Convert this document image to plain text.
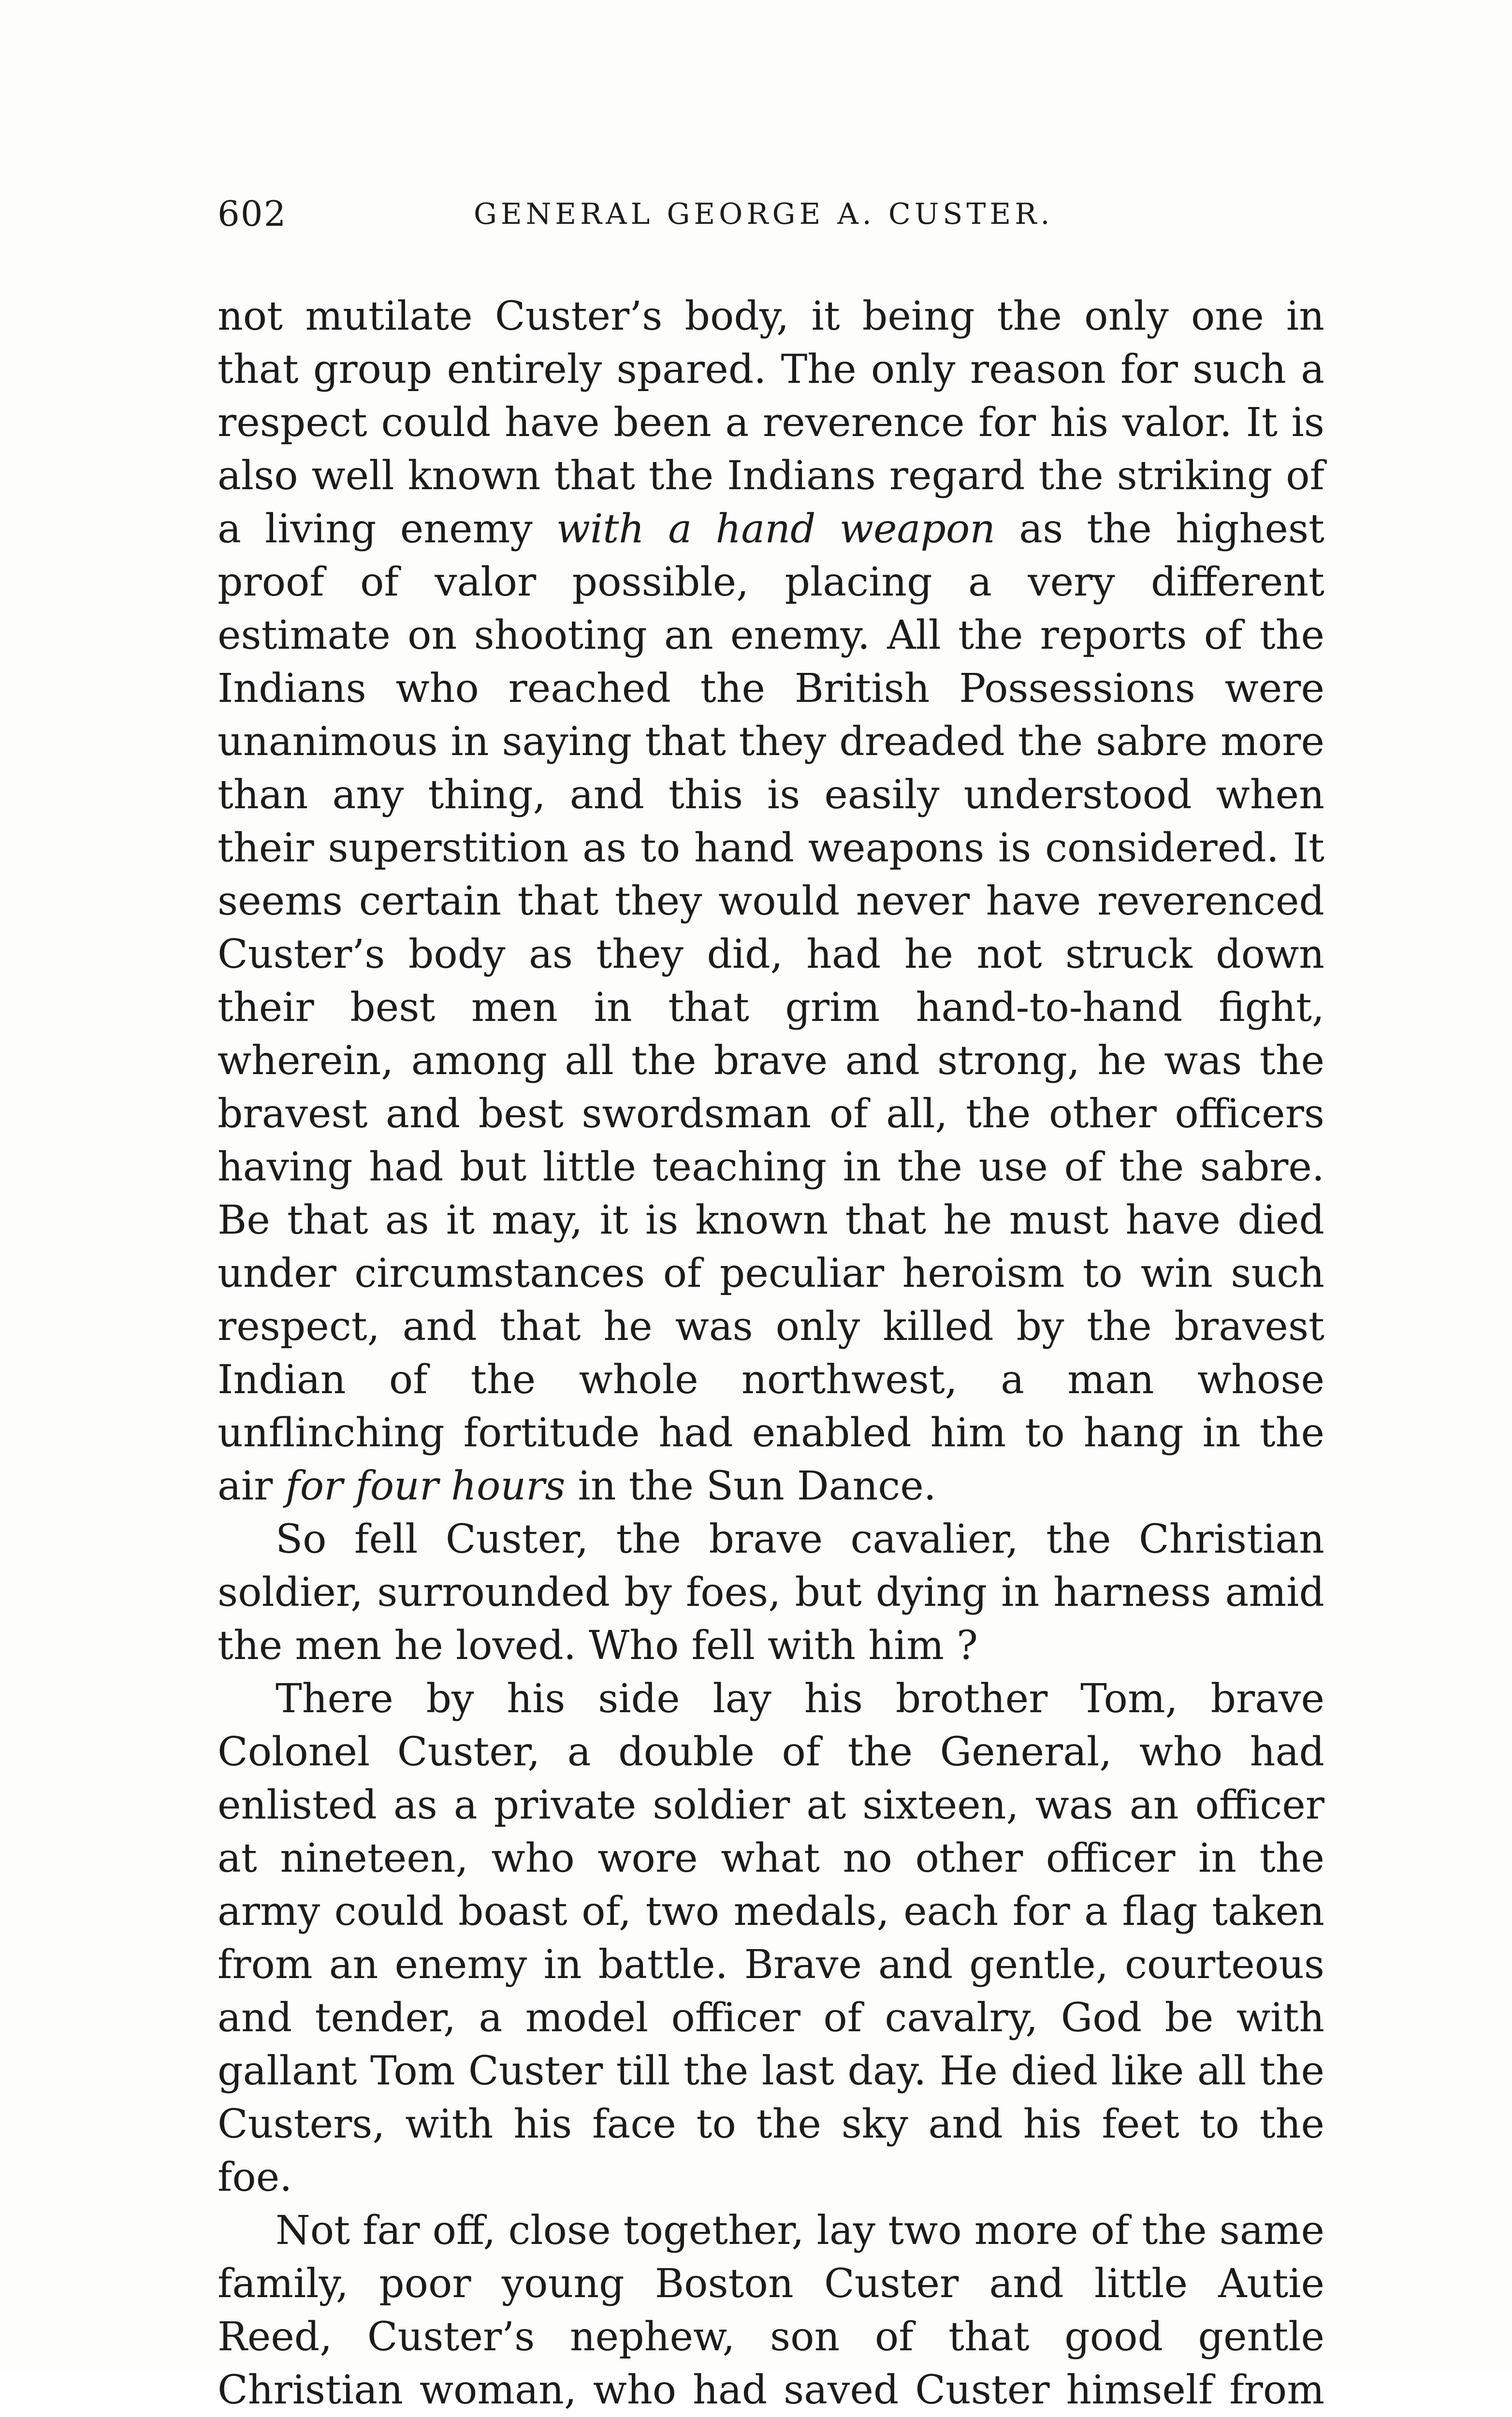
602	GENERAL GEORGE A. CUSTER.

not mutilate Custer’s body, it being the only one in that group entirely spared. The only reason for such a respect could have been a reverence for his valor. It is also well known that the Indians regard the striking of a living enemy with a hand weapon as the highest proof of valor possible, placing a very different estimate on shooting an enemy. All the reports of the Indians who reached the British Possessions were unanimous in saying that they dreaded the sabre more than any thing, and this is easily understood when their superstition as to hand weapons is considered. It seems certain that they would never have reverenced Custer’s body as they did, had he not struck down their best men in that grim hand-to-hand fight, wherein, among all the brave and strong, he was the bravest and best swordsman of all, the other officers having had but little teaching in the use of the sabre. Be that as it may, it is known that he must have died under circumstances of peculiar heroism to win such respect, and that he was only killed by the bravest Indian of the whole northwest, a man whose unflinching fortitude had enabled him to hang in the air for four hours in the Sun Dance.

So fell Custer, the brave cavalier, the Christian soldier, surrounded by foes, but dying in harness amid the men he loved. Who fell with him ?

There by his side lay his brother Tom, brave Colonel Custer, a double of the General, who had enlisted as a private soldier at sixteen, was an officer at nineteen, who wore what no other officer in the army could boast of, two medals, each for a flag taken from an enemy in battle. Brave and gentle, courteous and tender, a model officer of cavalry, God be with gallant Tom Custer till the last day. He died like all the Custers, with his face to the sky and his feet to the foe.

Not far off, close together, lay two more of the same family, poor young Boston Custer and little Autie Reed, Custer’s nephew, son of that good gentle Christian woman, who had saved Custer himself from
